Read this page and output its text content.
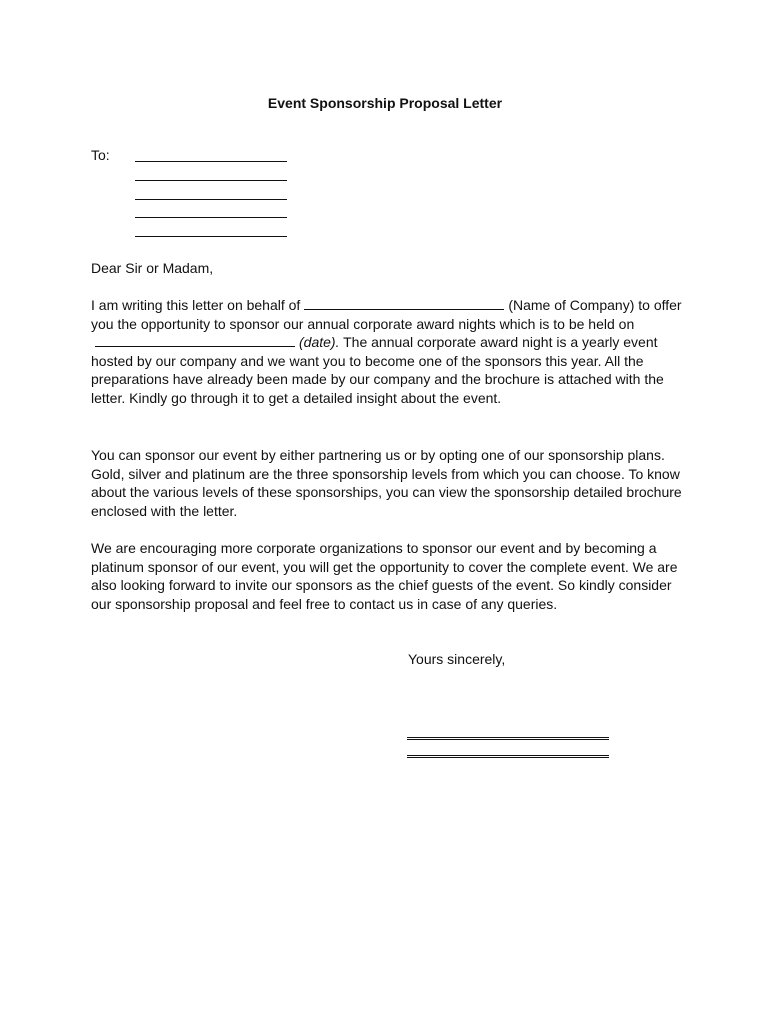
Event Sponsorship Proposal Letter
To:
Dear Sir or Madam,

I am writing this letter on behalf of	(Name of Company) to offer you the opportunity to sponsor our annual corporate award nights which is to be held on(date). The annual corporate award night is a yearly event hosted by our company and we want you to become one of the sponsors this year. All the preparations have already been made by our company and the brochure is attached with the letter. Kindly go through it to get a detailed insight about the event.

You can sponsor our event by either partnering us or by opting one of our sponsorship plans. Gold, silver and platinum are the three sponsorship levels from which you can choose. To know about the various levels of these sponsorships, you can view the sponsorship detailed brochure enclosed with the letter.

We are encouraging more corporate organizations to sponsor our event and by becoming a platinum sponsor of our event, you will get the opportunity to cover the complete event. We are also looking forward to invite our sponsors as the chief guests of the event. So kindly consider our sponsorship proposal and feel free to contact us in case of any queries.

Yours sincerely,
